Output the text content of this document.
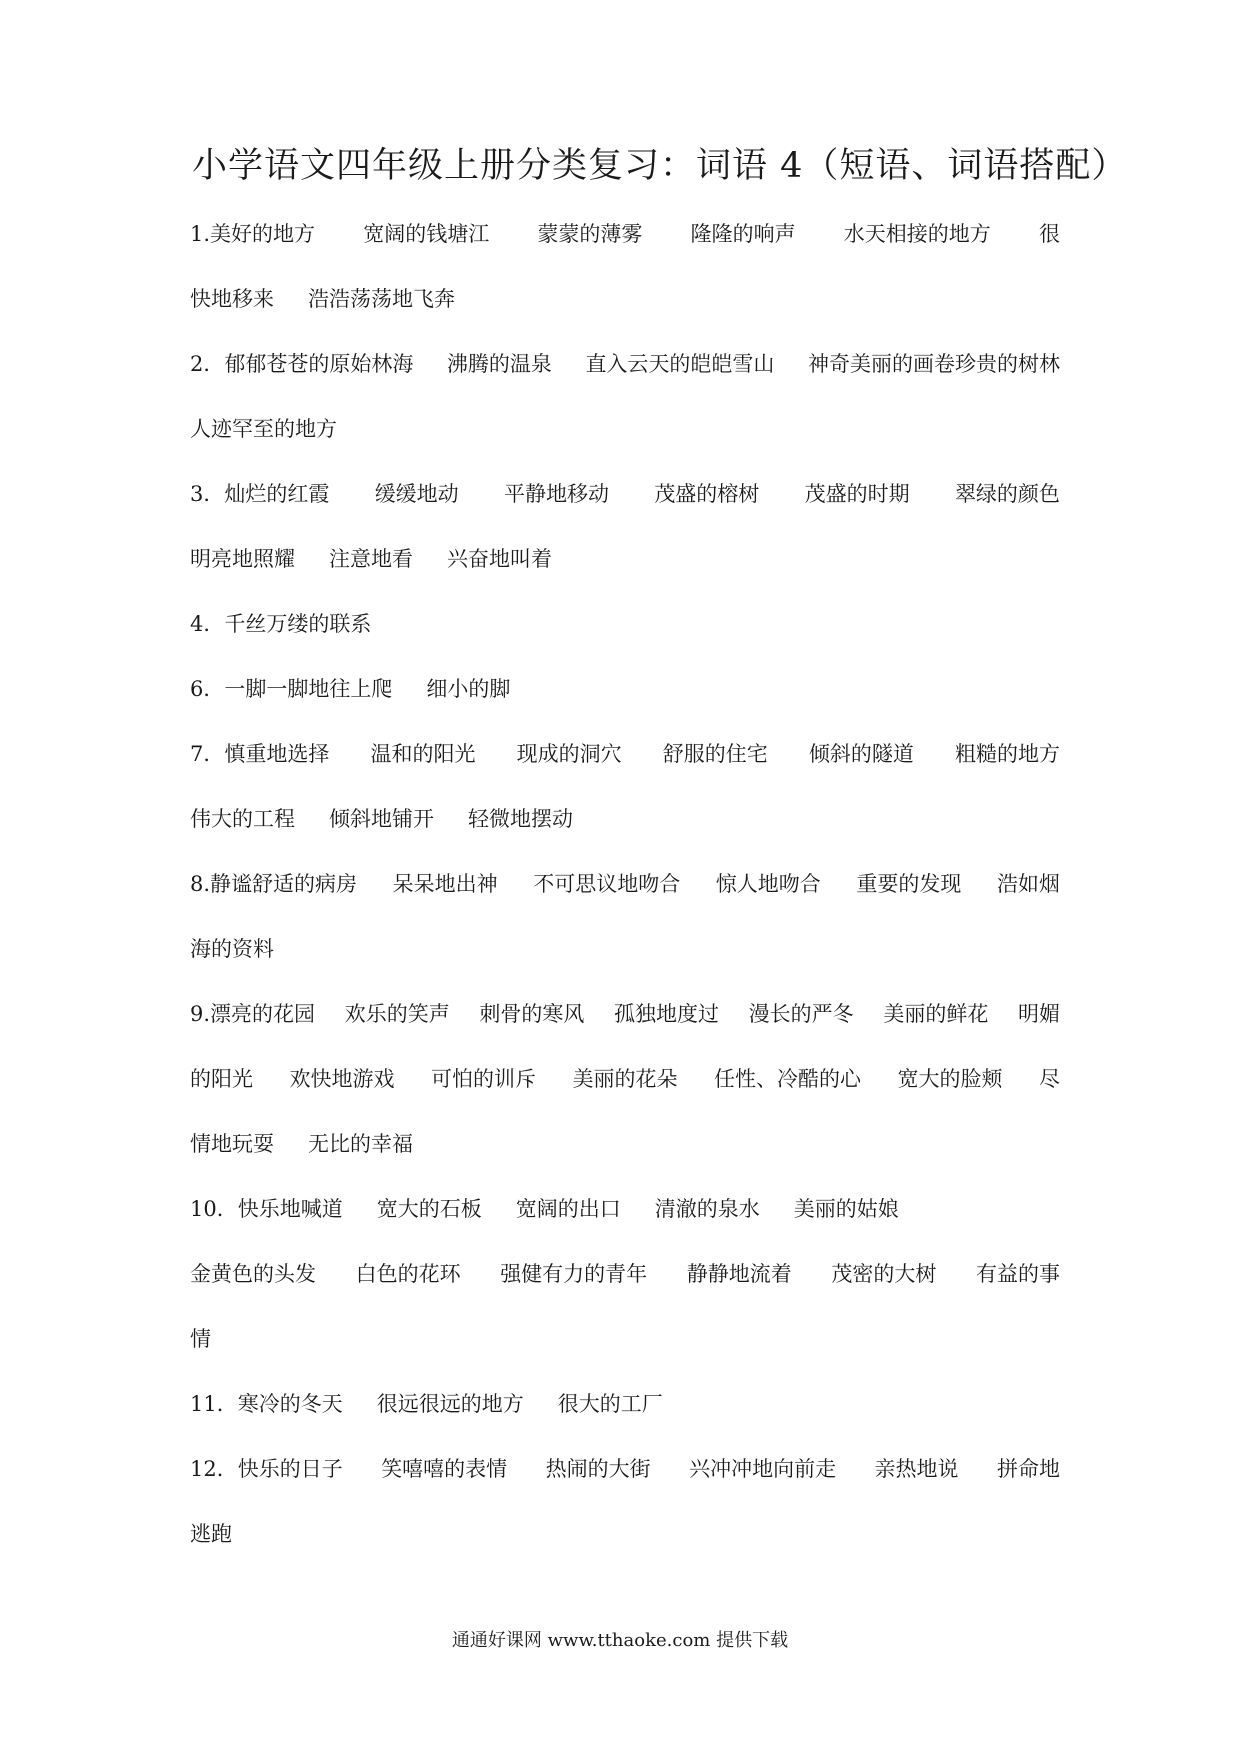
小学语文四年级上册分类复习：词语 4（短语、词语搭配）
1.美好的地方 宽阔的钱塘江 蒙蒙的薄雾 隆隆的响声 水天相接的地方 很
快地移来 浩浩荡荡地飞奔
2．郁郁苍苍的原始林海 沸腾的温泉 直入云天的皑皑雪山 神奇美丽的画卷珍贵的树林
人迹罕至的地方
3．灿烂的红霞 缓缓地动 平静地移动 茂盛的榕树 茂盛的时期 翠绿的颜色
明亮地照耀 注意地看 兴奋地叫着
4．千丝万缕的联系
6．一脚一脚地往上爬 细小的脚
7．慎重地选择 温和的阳光 现成的洞穴 舒服的住宅 倾斜的隧道 粗糙的地方
伟大的工程 倾斜地铺开 轻微地摆动
8.静谧舒适的病房 呆呆地出神 不可思议地吻合 惊人地吻合 重要的发现 浩如烟
海的资料
9.漂亮的花园 欢乐的笑声 刺骨的寒风 孤独地度过 漫长的严冬 美丽的鲜花 明媚
的阳光 欢快地游戏 可怕的训斥 美丽的花朵 任性、冷酷的心 宽大的脸颊 尽
情地玩耍 无比的幸福
10．快乐地喊道 宽大的石板 宽阔的出口 清澈的泉水 美丽的姑娘
金黄色的头发 白色的花环 强健有力的青年 静静地流着 茂密的大树 有益的事
情
11．寒冷的冬天 很远很远的地方 很大的工厂
12．快乐的日子 笑嘻嘻的表情 热闹的大街 兴冲冲地向前走 亲热地说 拼命地
逃跑
通通好课网 www.tthaoke.com 提供下载
